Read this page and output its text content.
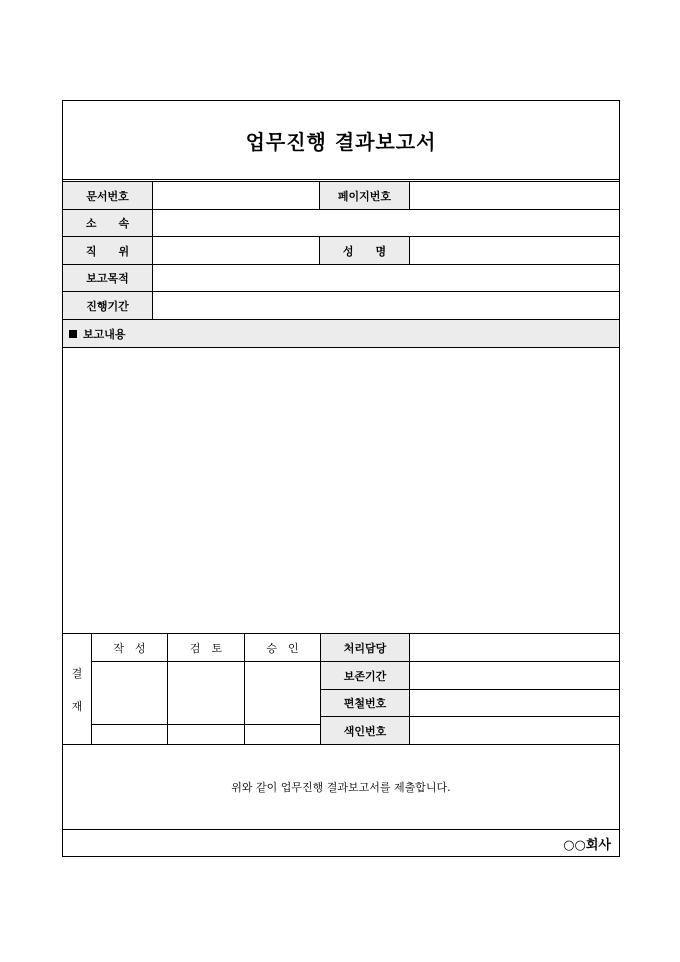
업무진행 결과보고서
문서번호	페이지번호
소　　속
직　　위	성　　명
보고목적
진행기간
보고내용
결
재
작　성	검　토	승　인	처리담당
보존기간
편철번호
색인번호
위와 같이 업무진행 결과보고서를 제출합니다.
○○회사
